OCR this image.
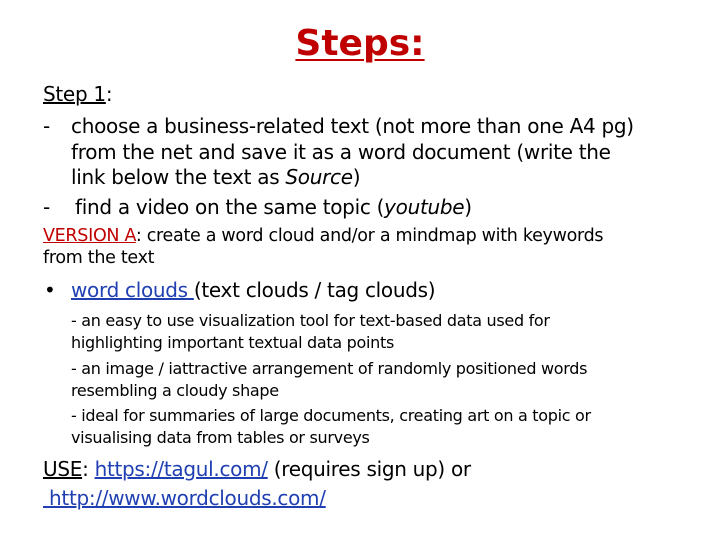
Steps:
Step 1:
- choose a business-related text (not more than one A4 pg)
from the net and save it as a word document (write the
link below the text as Source)
- find a video on the same topic (youtube)
VERSION A: create a word cloud and/or a mindmap with keywords
from the text
• word clouds (text clouds / tag clouds)
- an easy to use visualization tool for text-based data used for
highlighting important textual data points
- an image / iattractive arrangement of randomly positioned words
resembling a cloudy shape
- ideal for summaries of large documents, creating art on a topic or
visualising data from tables or surveys
USE: https://tagul.com/ (requires sign up) or
http://www.wordclouds.com/
